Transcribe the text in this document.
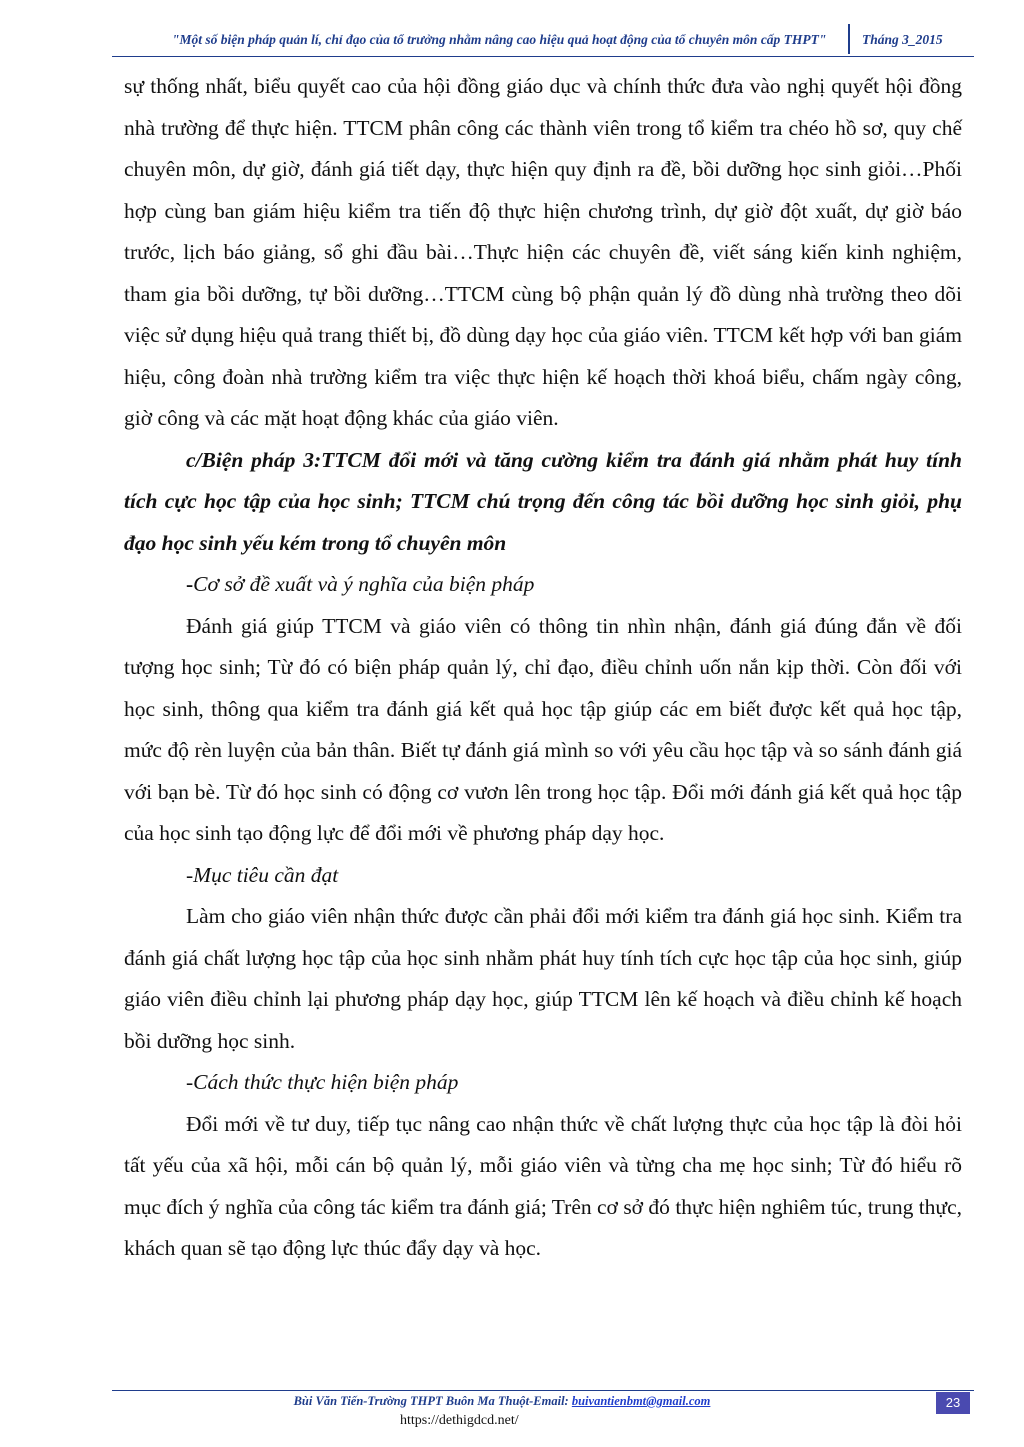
"Một số biện pháp quản lí, chỉ đạo của tổ trưởng nhằm nâng cao hiệu quả hoạt động của tổ chuyên môn cấp THPT"	Tháng 3_2015

sự thống nhất, biểu quyết cao của hội đồng giáo dục và chính thức đưa vào nghị quyết hội đồng nhà trường để thực hiện. TTCM phân công các thành viên trong tổ kiểm tra chéo hồ sơ, quy chế chuyên môn, dự giờ, đánh giá tiết dạy, thực hiện quy định ra đề, bồi dưỡng học sinh giỏi…Phối hợp cùng ban giám hiệu kiểm tra tiến độ thực hiện chương trình, dự giờ đột xuất, dự giờ báo trước, lịch báo giảng, sổ ghi đầu bài…Thực hiện các chuyên đề, viết sáng kiến kinh nghiệm, tham gia bồi dưỡng, tự bồi dưỡng…TTCM cùng bộ phận quản lý đồ dùng nhà trường theo dõi việc sử dụng hiệu quả trang thiết bị, đồ dùng dạy học của giáo viên. TTCM kết hợp với ban giám hiệu, công đoàn nhà trường kiểm tra việc thực hiện kế hoạch thời khoá biểu, chấm ngày công, giờ công và các mặt hoạt động khác của giáo viên.

c/Biện pháp 3:TTCM đổi mới và tăng cường kiểm tra đánh giá nhằm phát huy tính tích cực học tập của học sinh; TTCM chú trọng đến công tác bồi dưỡng học sinh giỏi, phụ đạo học sinh yếu kém trong tổ chuyên môn

-Cơ sở đề xuất và ý nghĩa của biện pháp

Đánh giá giúp TTCM và giáo viên có thông tin nhìn nhận, đánh giá đúng đắn về đối tượng học sinh; Từ đó có biện pháp quản lý, chỉ đạo, điều chỉnh uốn nắn kịp thời. Còn đối với học sinh, thông qua kiểm tra đánh giá kết quả học tập giúp các em biết được kết quả học tập, mức độ rèn luyện của bản thân. Biết tự đánh giá mình so với yêu cầu học tập và so sánh đánh giá với bạn bè. Từ đó học sinh có động cơ vươn lên trong học tập. Đổi mới đánh giá kết quả học tập của học sinh tạo động lực để đổi mới về phương pháp dạy học.

-Mục tiêu cần đạt

Làm cho giáo viên nhận thức được cần phải đổi mới kiểm tra đánh giá học sinh. Kiểm tra đánh giá chất lượng học tập của học sinh nhằm phát huy tính tích cực học tập của học sinh, giúp giáo viên điều chỉnh lại phương pháp dạy học, giúp TTCM lên kế hoạch và điều chỉnh kế hoạch bồi dưỡng học sinh.

-Cách thức thực hiện biện pháp

Đổi mới về tư duy, tiếp tục nâng cao nhận thức về chất lượng thực của học tập là đòi hỏi tất yếu của xã hội, mỗi cán bộ quản lý, mỗi giáo viên và từng cha mẹ học sinh; Từ đó hiểu rõ mục đích ý nghĩa của công tác kiểm tra đánh giá; Trên cơ sở đó thực hiện nghiêm túc, trung thực, khách quan sẽ tạo động lực thúc đẩy dạy và học.

Bùi Văn Tiến-Trường THPT Buôn Ma Thuột-Email: buivantienbmt@gmail.com	23
https://dethigdcd.net/
